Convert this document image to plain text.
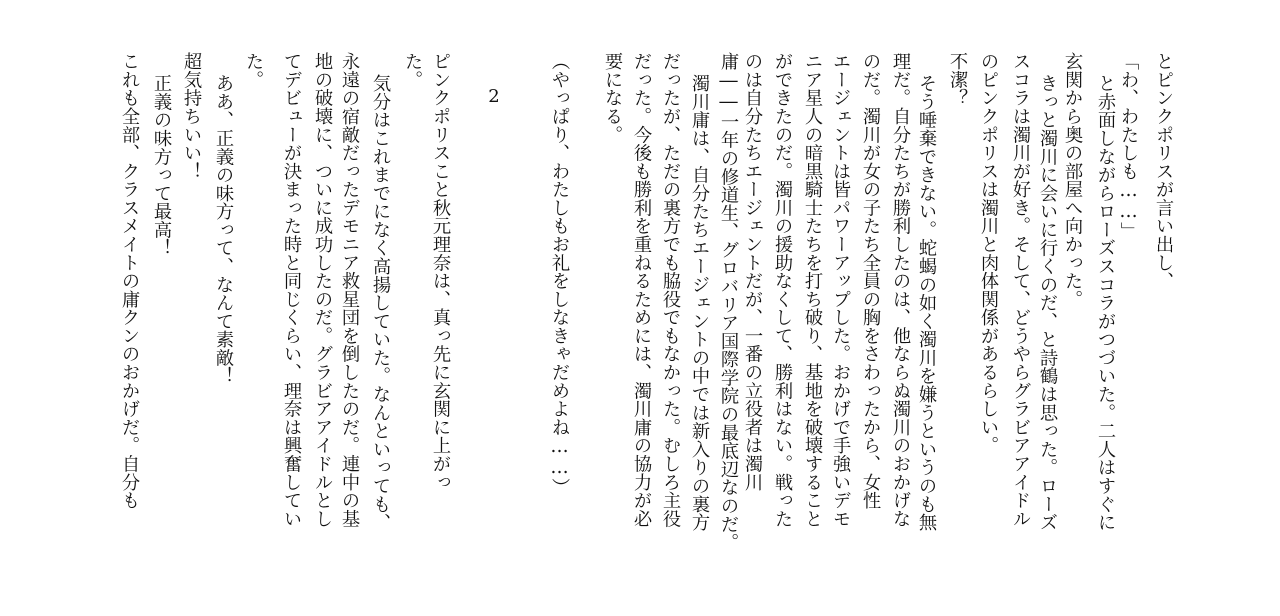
2	とピンクポリスが言い出し、
「わ、わたしも……」
と赤面しながらローズスコラがつづいた。二人はすぐに
玄関から奥の部屋へ向かった。
きっと濁川に会いに行くのだ、と詩鶴は思った。ローズ
スコラは濁川が好き。そして、どうやらグラビアアイドル
のピンクポリスは濁川と肉体関係があるらしい。
不潔？
そう唾棄できない。蛇蝎の如く濁川を嫌うというのも無
理だ。自分たちが勝利したのは、他ならぬ濁川のおかげな
のだ。濁川が女の子たち全員の胸をさわったから、女性
エージェントは皆パワーアップした。おかげで手強いデモ
ニア星人の暗黒騎士たちを打ち破り、基地を破壊すること
ができたのだ。濁川の援助なくして、勝利はない。戦った
のは自分たちエージェントだが、一番の立役者は濁川
庸――一年の修道生、グロバリア国際学院の最底辺なのだ。
濁川庸は、自分たちエージェントの中では新入りの裏方
だったが、ただの裏方でも脇役でもなかった。むしろ主役
だった。今後も勝利を重ねるためには、濁川庸の協力が必
要になる。
（やっぱり、わたしもお礼をしなきゃだめよね……）
ピンクポリスこと秋元理奈は、真っ先に玄関に上がっ
た。
気分はこれまでになく高揚していた。なんといっても、
永遠の宿敵だったデモニア救星団を倒したのだ。連中の基
地の破壊に、ついに成功したのだ。グラビアアイドルとし
てデビューが決まった時と同じくらい、理奈は興奮してい
た。
ああ、正義の味方って、なんて素敵！
超気持ちいい！
正義の味方って最高！
これも全部、クラスメイトの庸クンのおかげだ。自分も
